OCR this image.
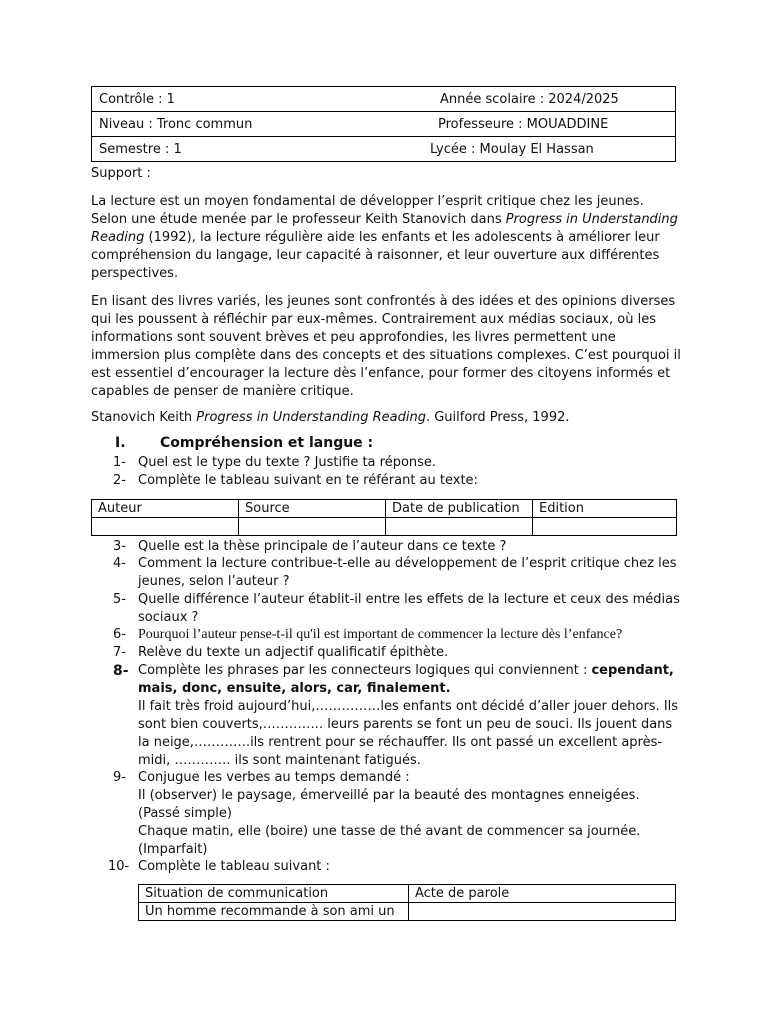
Contrôle : 1	Année scolaire : 2024/2025
Niveau : Tronc commun	Professeure : MOUADDINE
Semestre : 1	Lycée : Moulay El Hassan
Support :
La lecture est un moyen fondamental de développer l’esprit critique chez les jeunes. Selon une étude menée par le professeur Keith Stanovich dans Progress in Understanding Reading (1992), la lecture régulière aide les enfants et les adolescents à améliorer leur compréhension du langage, leur capacité à raisonner, et leur ouverture aux différentes perspectives.
En lisant des livres variés, les jeunes sont confrontés à des idées et des opinions diverses qui les poussent à réfléchir par eux-mêmes. Contrairement aux médias sociaux, où les informations sont souvent brèves et peu approfondies, les livres permettent une immersion plus complète dans des concepts et des situations complexes. C’est pourquoi il est essentiel d’encourager la lecture dès l’enfance, pour former des citoyens informés et capables de penser de manière critique.
Stanovich Keith Progress in Understanding Reading. Guilford Press, 1992.
I. Compréhension et langue :
1- Quel est le type du texte ? Justifie ta réponse.
2- Complète le tableau suivant en te référant au texte:
Auteur	Source	Date de publication	Edition

3- Quelle est la thèse principale de l’auteur dans ce texte ?
4- Comment la lecture contribue-t-elle au développement de l’esprit critique chez les jeunes, selon l’auteur ?
5- Quelle différence l’auteur établit-il entre les effets de la lecture et ceux des médias sociaux ?
6- Pourquoi l’auteur pense-t-il qu'il est important de commencer la lecture dès l’enfance?
7- Relève du texte un adjectif qualificatif épithète.
8- Complète les phrases par les connecteurs logiques qui conviennent : cependant, mais, donc, ensuite, alors, car, finalement.
Il fait très froid aujourd’hui,……………les enfants ont décidé d’aller jouer dehors. Ils sont bien couverts,………….. leurs parents se font un peu de souci. Ils jouent dans la neige,………….ils rentrent pour se réchauffer. Ils ont passé un excellent après-midi, …………. ils sont maintenant fatigués.
9- Conjugue les verbes au temps demandé :
Il (observer) le paysage, émerveillé par la beauté des montagnes enneigées. (Passé simple)
Chaque matin, elle (boire) une tasse de thé avant de commencer sa journée. (Imparfait)
10- Complète le tableau suivant :
Situation de communication	Acte de parole
Un homme recommande à son ami un	
